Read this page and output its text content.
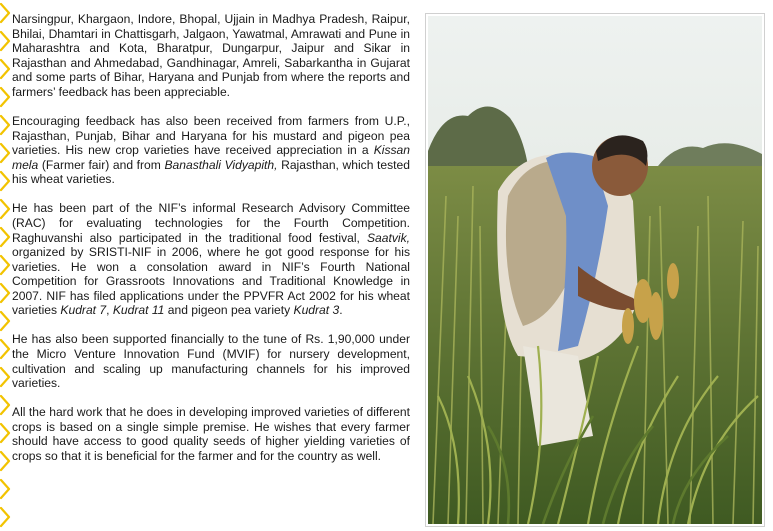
Narsingpur, Khargaon, Indore, Bhopal, Ujjain in Madhya Pradesh, Raipur, Bhilai, Dhamtari in Chattisgarh, Jalgaon, Yawatmal, Amrawati and Pune in Maharashtra and Kota, Bharatpur, Dungarpur, Jaipur and Sikar in Rajasthan and Ahmedabad, Gandhinagar, Amreli, Sabarkantha in Gujarat and some parts of Bihar, Haryana and Punjab from where the reports and farmers’ feedback has been appreciable.

Encouraging feedback has also been received from farmers from U.P., Rajasthan, Punjab, Bihar and Haryana for his mustard and pigeon pea varieties. His new crop varieties have received appreciation in a Kissan mela (Farmer fair) and from Banasthali Vidyapith, Rajasthan, which tested his wheat varieties.

He has been part of the NIF’s informal Research Advisory Committee (RAC) for evaluating technologies for the Fourth Competition. Raghuvanshi also participated in the traditional food festival, Saatvik, organized by SRISTI-NIF in 2006, where he got good response for his varieties. He won a consolation award in NIF’s Fourth National Competition for Grassroots Innovations and Traditional Knowledge in 2007. NIF has filed applications under the PPVFR Act 2002 for his wheat varieties Kudrat 7, Kudrat 11 and pigeon pea variety Kudrat 3.

He has also been supported financially to the tune of Rs. 1,90,000 under the Micro Venture Innovation Fund (MVIF) for nursery development, cultivation and scaling up manufacturing channels for his improved varieties.

All the hard work that he does in developing improved varieties of different crops is based on a single simple premise. He wishes that every farmer should have access to good quality seeds of higher yielding varieties of crops so that it is beneficial for the farmer and for the country as well.
